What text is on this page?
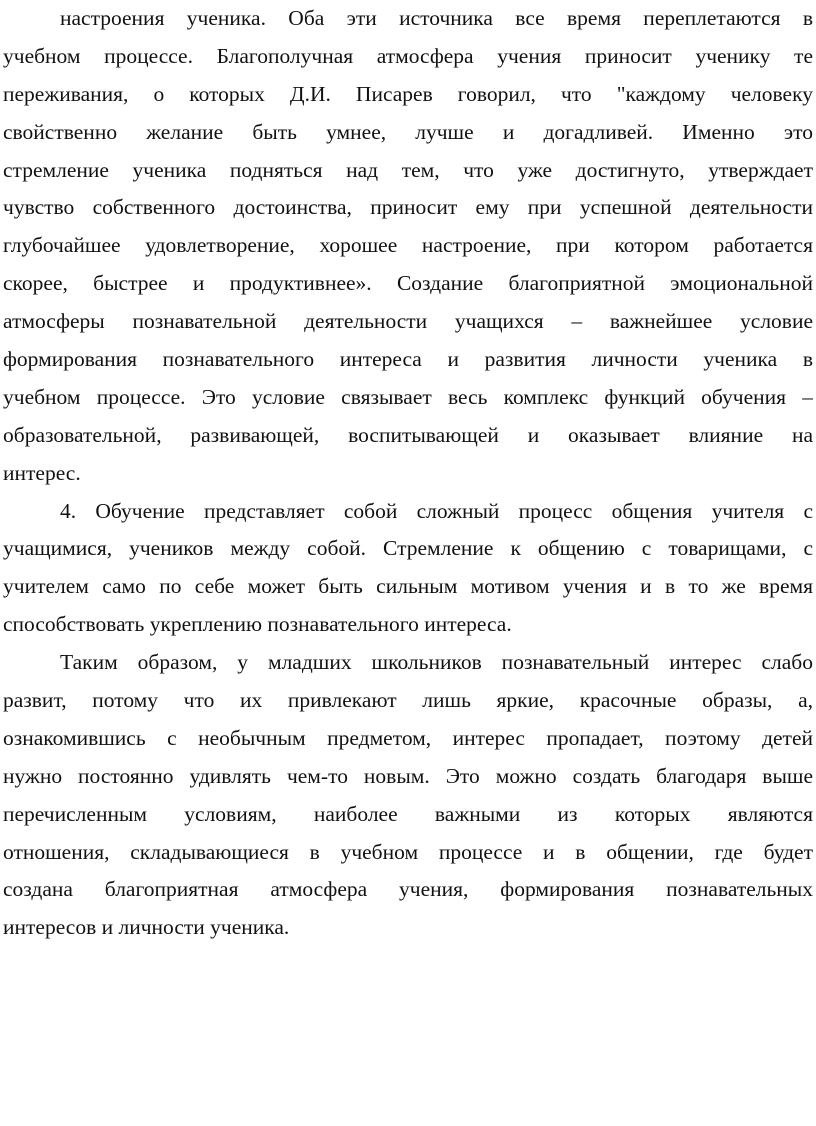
настроения ученика. Оба эти источника все время переплетаются в
учебном процессе. Благополучная атмосфера учения приносит ученику те
переживания, о которых Д.И. Писарев говорил, что "каждому человеку
свойственно желание быть умнее, лучше и догадливей. Именно это
стремление ученика подняться над тем, что уже достигнуто, утверждает
чувство собственного достоинства, приносит ему при успешной деятельности
глубочайшее удовлетворение, хорошее настроение, при котором работается
скорее, быстрее и продуктивнее». Создание благоприятной эмоциональной
атмосферы познавательной деятельности учащихся – важнейшее условие
формирования познавательного интереса и развития личности ученика в
учебном процессе. Это условие связывает весь комплекс функций обучения –
образовательной, развивающей, воспитывающей и оказывает влияние на
интерес.
4. Обучение представляет собой сложный процесс общения учителя с
учащимися, учеников между собой. Стремление к общению с товарищами, с
учителем само по себе может быть сильным мотивом учения и в то же время
способствовать укреплению познавательного интереса.
Таким образом, у младших школьников познавательный интерес слабо
развит, потому что их привлекают лишь яркие, красочные образы, а,
ознакомившись с необычным предметом, интерес пропадает, поэтому детей
нужно постоянно удивлять чем-то новым. Это можно создать благодаря выше
перечисленным условиям, наиболее важными из которых являются
отношения, складывающиеся в учебном процессе и в общении, где будет
создана благоприятная атмосфера учения, формирования познавательных
интересов и личности ученика.
